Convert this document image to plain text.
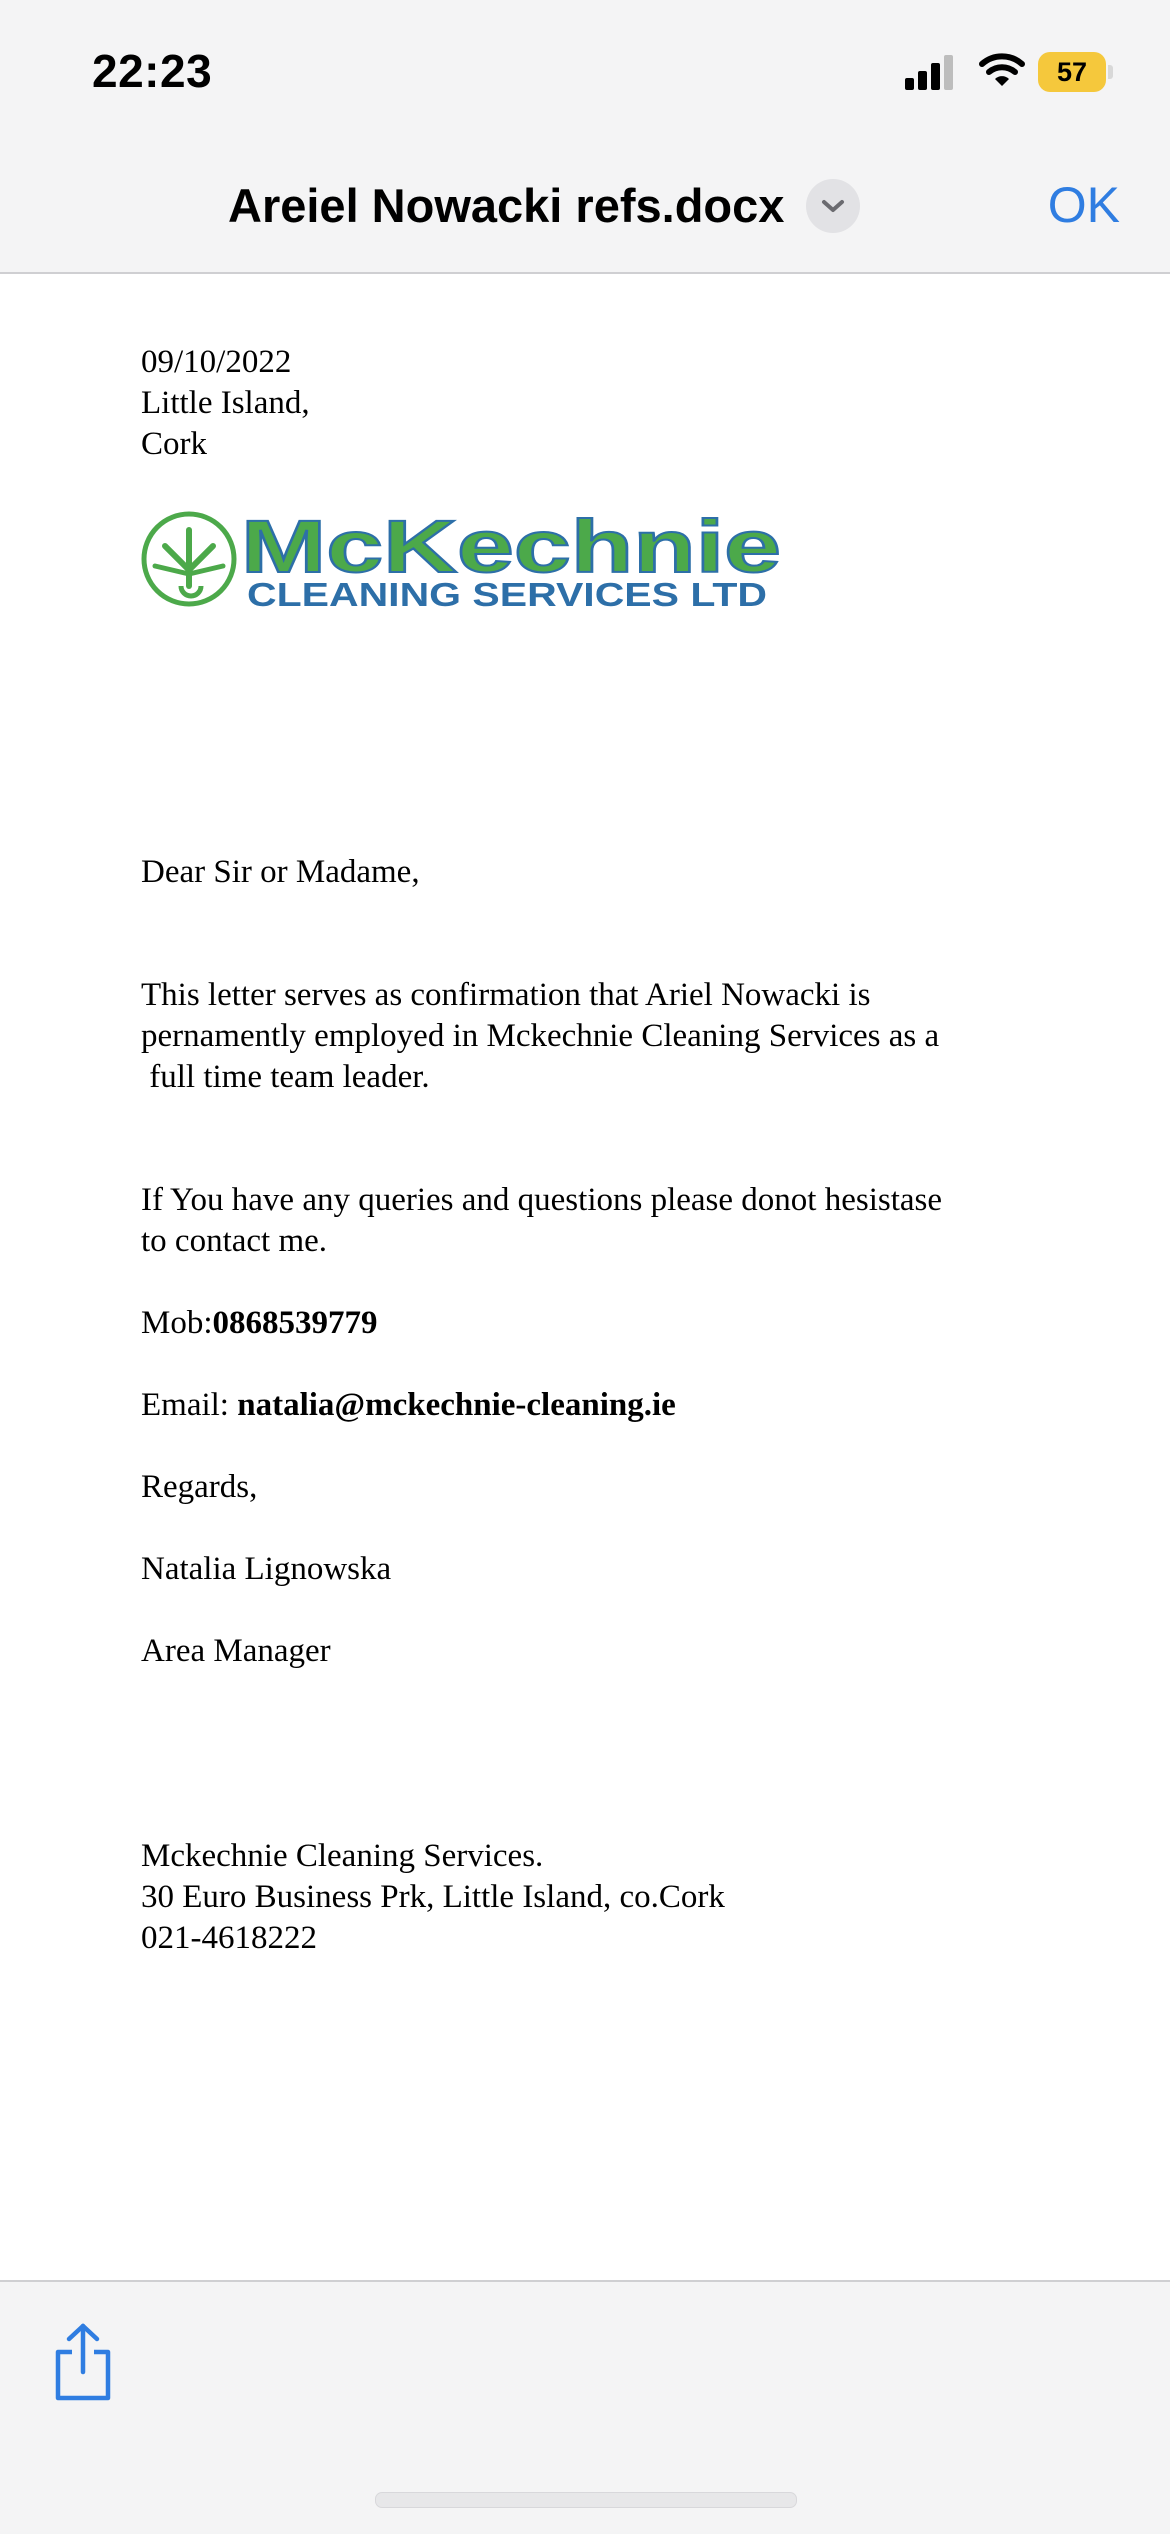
22:23	57
Areiel Nowacki refs.docx	OK
09/10/2022
Little Island,
Cork
McKechnie
CLEANING SERVICES LTD
Dear Sir or Madame,
This letter serves as confirmation that Ariel Nowacki is
pernamently employed in Mckechnie Cleaning Services as a
full time team leader.
If You have any queries and questions please donot hesistase
to contact me.
Mob:0868539779
Email: natalia@mckechnie-cleaning.ie
Regards,
Natalia Lignowska
Area Manager
Mckechnie Cleaning Services.
30 Euro Business Prk, Little Island, co.Cork
021-4618222
